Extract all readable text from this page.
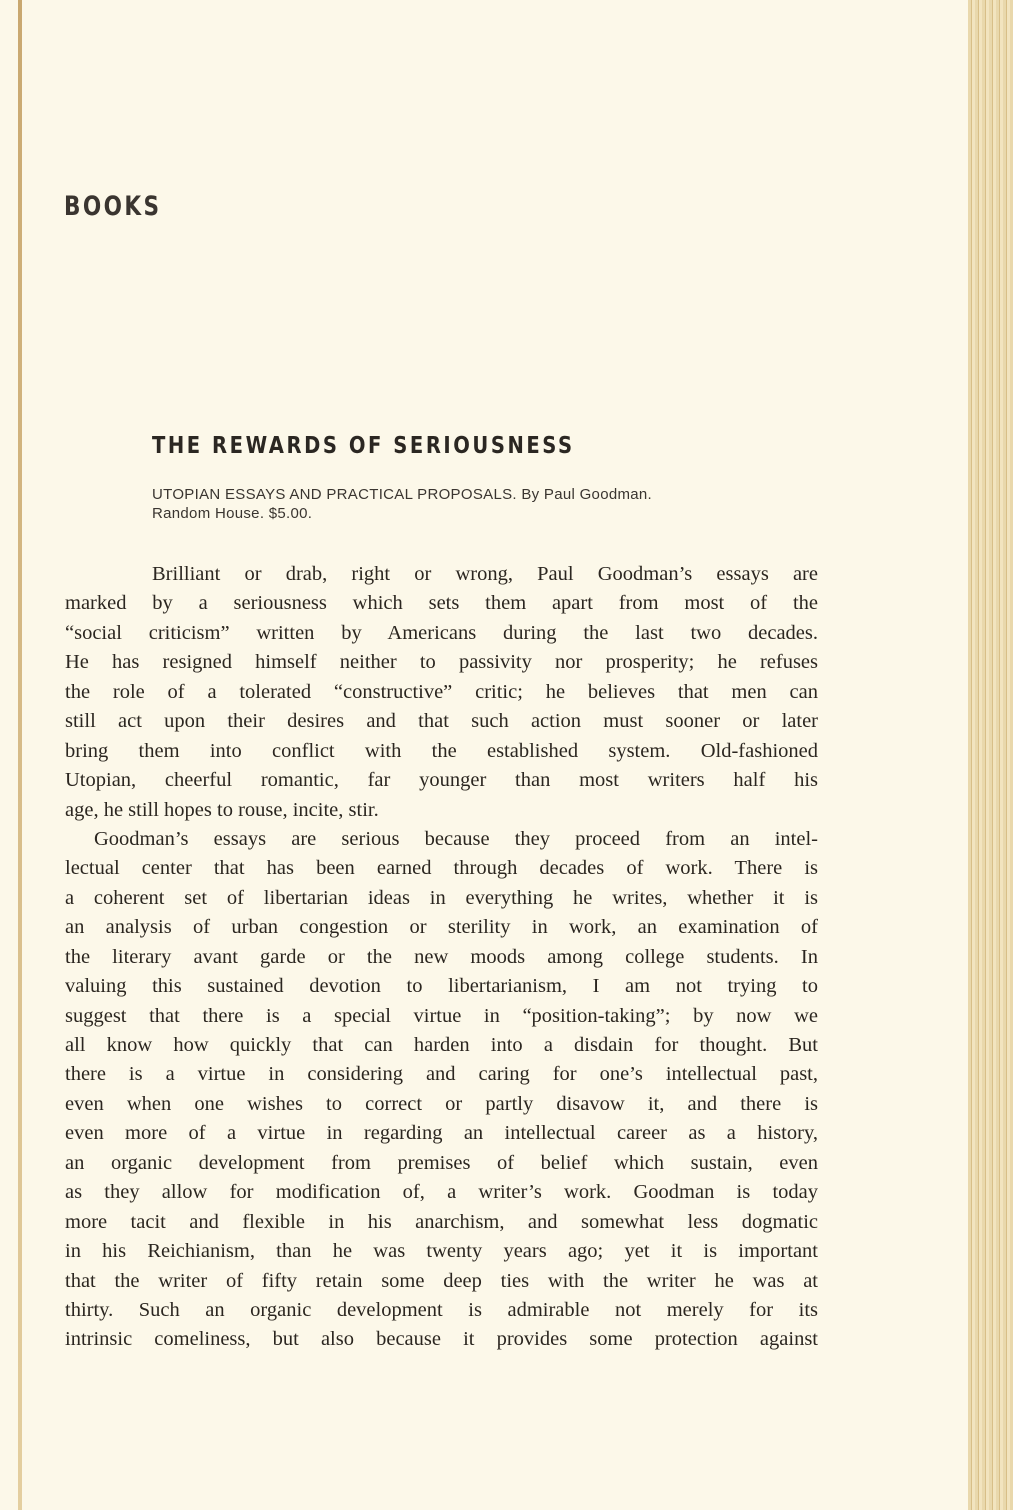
BOOKS
THE REWARDS OF SERIOUSNESS
UTOPIAN ESSAYS AND PRACTICAL PROPOSALS. By Paul Goodman.
Random House. $5.00.
Brilliant or drab, right or wrong, Paul Goodman’s essays are
marked by a seriousness which sets them apart from most of the
“social criticism” written by Americans during the last two decades.
He has resigned himself neither to passivity nor prosperity; he refuses
the role of a tolerated “constructive” critic; he believes that men can
still act upon their desires and that such action must sooner or later
bring them into conflict with the established system. Old-fashioned
Utopian, cheerful romantic, far younger than most writers half his
age, he still hopes to rouse, incite, stir.
Goodman’s essays are serious because they proceed from an intel-
lectual center that has been earned through decades of work. There is
a coherent set of libertarian ideas in everything he writes, whether it is
an analysis of urban congestion or sterility in work, an examination of
the literary avant garde or the new moods among college students. In
valuing this sustained devotion to libertarianism, I am not trying to
suggest that there is a special virtue in “position-taking”; by now we
all know how quickly that can harden into a disdain for thought. But
there is a virtue in considering and caring for one’s intellectual past,
even when one wishes to correct or partly disavow it, and there is
even more of a virtue in regarding an intellectual career as a history,
an organic development from premises of belief which sustain, even
as they allow for modification of, a writer’s work. Goodman is today
more tacit and flexible in his anarchism, and somewhat less dogmatic
in his Reichianism, than he was twenty years ago; yet it is important
that the writer of fifty retain some deep ties with the writer he was at
thirty. Such an organic development is admirable not merely for its
intrinsic comeliness, but also because it provides some protection against
